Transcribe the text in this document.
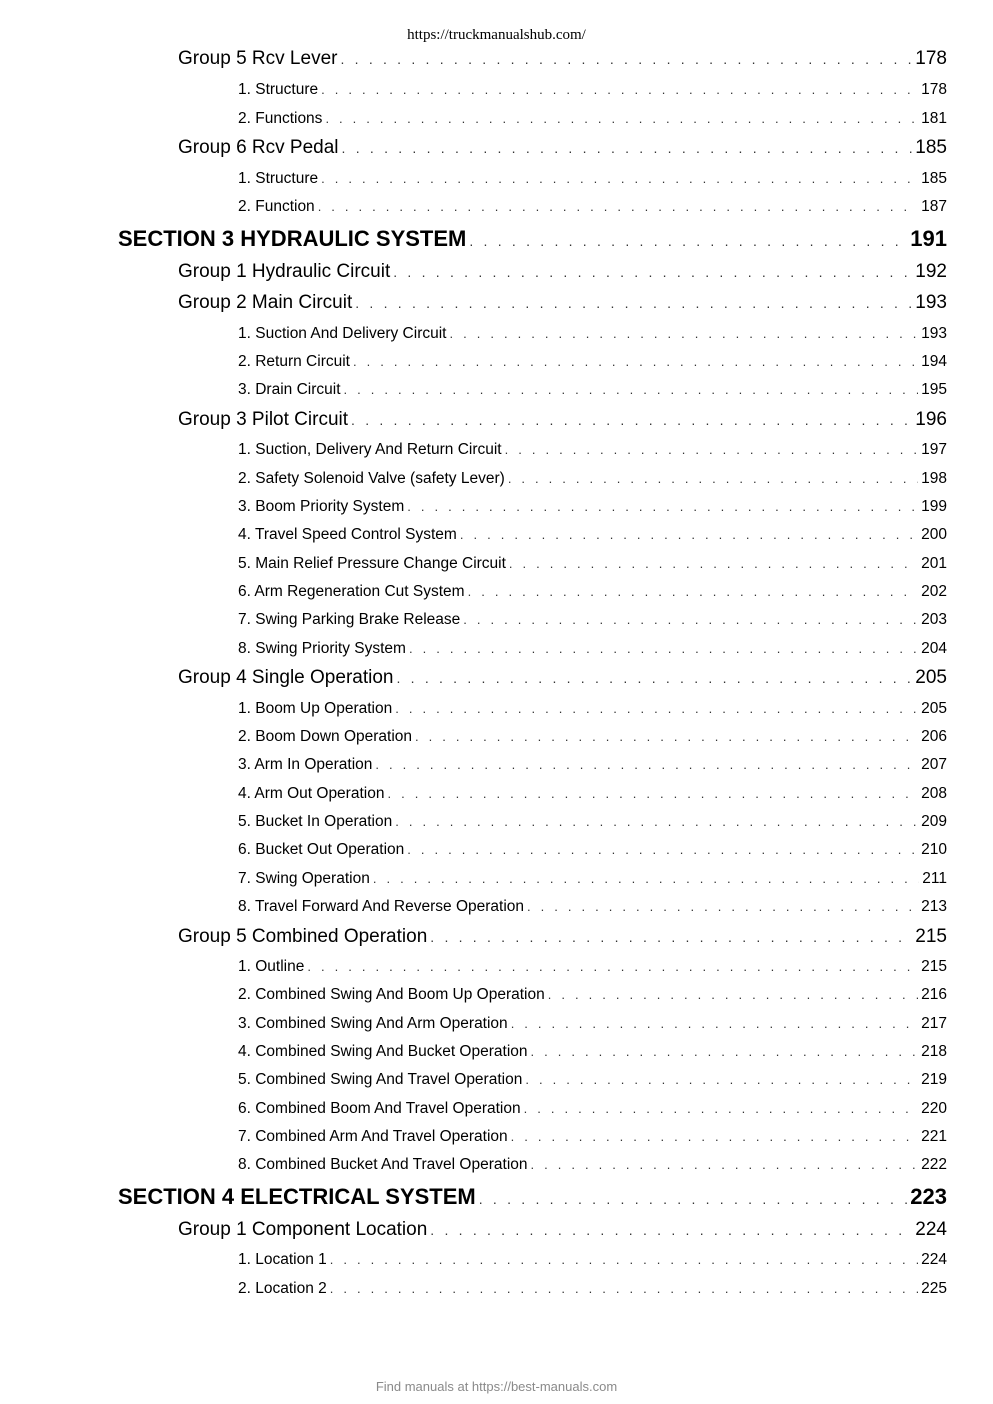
https://truckmanualshub.com/
Group 5 Rcv Lever . . .	178
1. Structure . . .	178
2. Functions . . .	181
Group 6 Rcv Pedal . . .	185
1. Structure . . .	185
2. Function . . .	187
SECTION 3 HYDRAULIC SYSTEM . . .	191
Group 1 Hydraulic Circuit . . .	192
Group 2 Main Circuit . . .	193
1. Suction And Delivery Circuit . . .	193
2. Return Circuit . . .	194
3. Drain Circuit . . .	195
Group 3 Pilot Circuit . . .	196
1. Suction, Delivery And Return Circuit . . .	197
2. Safety Solenoid Valve (safety Lever) . . .	198
3. Boom Priority System . . .	199
4. Travel Speed Control System . . .	200
5. Main Relief Pressure Change Circuit . . .	201
6. Arm Regeneration Cut System . . .	202
7. Swing Parking Brake Release . . .	203
8. Swing Priority System . . .	204
Group 4 Single Operation . . .	205
1. Boom Up Operation . . .	205
2. Boom Down Operation . . .	206
3. Arm In Operation . . .	207
4. Arm Out Operation . . .	208
5. Bucket In Operation . . .	209
6. Bucket Out Operation . . .	210
7. Swing Operation . . .	211
8. Travel Forward And Reverse Operation . . .	213
Group 5 Combined Operation . . .	215
1. Outline . . .	215
2. Combined Swing And Boom Up Operation . . .	216
3. Combined Swing And Arm Operation . . .	217
4. Combined Swing And Bucket Operation . . .	218
5. Combined Swing And Travel Operation . . .	219
6. Combined Boom And Travel Operation . . .	220
7. Combined Arm And Travel Operation . . .	221
8. Combined Bucket And Travel Operation . . .	222
SECTION 4 ELECTRICAL SYSTEM . . .	223
Group 1 Component Location . . .	224
1. Location 1 . . .	224
2. Location 2 . . .	225
Find manuals at https://best-manuals.com
